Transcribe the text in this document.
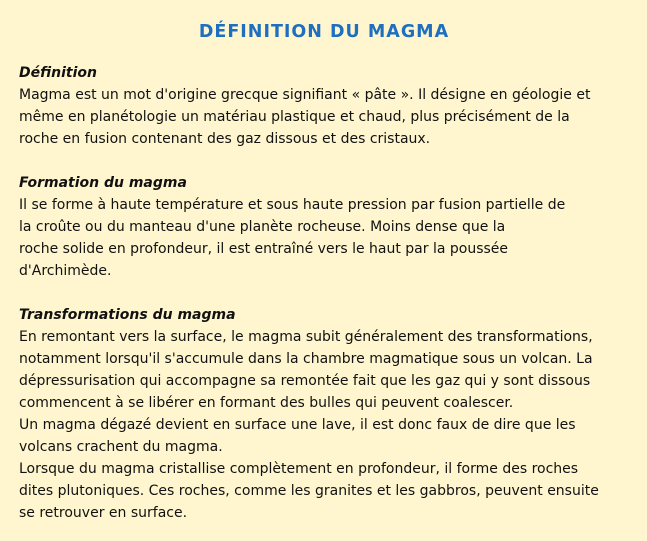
DÉFINITION DU MAGMA
Définition
Magma est un mot d'origine grecque signifiant « pâte ». Il désigne en géologie et
même en planétologie un matériau plastique et chaud, plus précisément de la
roche en fusion contenant des gaz dissous et des cristaux.
Formation du magma
Il se forme à haute température et sous haute pression par fusion partielle de
la croûte ou du manteau d'une planète rocheuse. Moins dense que la
roche solide en profondeur, il est entraîné vers le haut par la poussée
d'Archimède.
Transformations du magma
En remontant vers la surface, le magma subit généralement des transformations,
notamment lorsqu'il s'accumule dans la chambre magmatique sous un volcan. La
dépressurisation qui accompagne sa remontée fait que les gaz qui y sont dissous
commencent à se libérer en formant des bulles qui peuvent coalescer.
Un magma dégazé devient en surface une lave, il est donc faux de dire que les
volcans crachent du magma.
Lorsque du magma cristallise complètement en profondeur, il forme des roches
dites plutoniques. Ces roches, comme les granites et les gabbros, peuvent ensuite
se retrouver en surface.
